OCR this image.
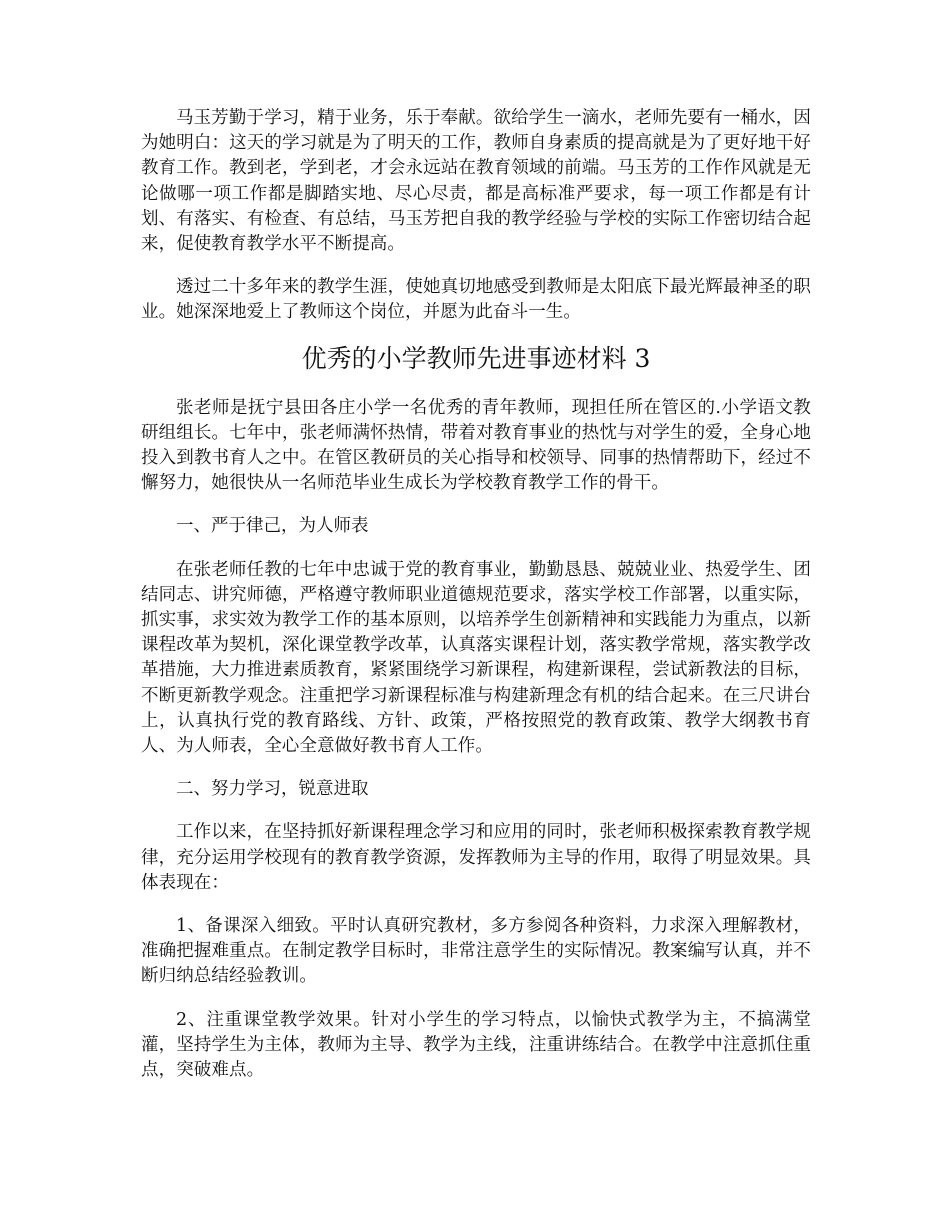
马玉芳勤于学习，精于业务，乐于奉献。欲给学生一滴水，老师先要有一桶水，因为她明白：这天的学习就是为了明天的工作，教师自身素质的提高就是为了更好地干好教育工作。教到老，学到老，才会永远站在教育领域的前端。马玉芳的工作作风就是无论做哪一项工作都是脚踏实地、尽心尽责，都是高标准严要求，每一项工作都是有计划、有落实、有检查、有总结，马玉芳把自我的教学经验与学校的实际工作密切结合起来，促使教育教学水平不断提高。

透过二十多年来的教学生涯，使她真切地感受到教师是太阳底下最光辉最神圣的职业。她深深地爱上了教师这个岗位，并愿为此奋斗一生。

优秀的小学教师先进事迹材料 3

张老师是抚宁县田各庄小学一名优秀的青年教师，现担任所在管区的.小学语文教研组组长。七年中，张老师满怀热情，带着对教育事业的热忱与对学生的爱，全身心地投入到教书育人之中。在管区教研员的关心指导和校领导、同事的热情帮助下，经过不懈努力，她很快从一名师范毕业生成长为学校教育教学工作的骨干。

一、严于律己，为人师表

在张老师任教的七年中忠诚于党的教育事业，勤勤恳恳、兢兢业业、热爱学生、团结同志、讲究师德，严格遵守教师职业道德规范要求，落实学校工作部署，以重实际，抓实事，求实效为教学工作的基本原则，以培养学生创新精神和实践能力为重点，以新课程改革为契机，深化课堂教学改革，认真落实课程计划，落实教学常规，落实教学改革措施，大力推进素质教育，紧紧围绕学习新课程，构建新课程，尝试新教法的目标，不断更新教学观念。注重把学习新课程标准与构建新理念有机的结合起来。在三尺讲台上，认真执行党的教育路线、方针、政策，严格按照党的教育政策、教学大纲教书育人、为人师表，全心全意做好教书育人工作。

二、努力学习，锐意进取

工作以来，在坚持抓好新课程理念学习和应用的同时，张老师积极探索教育教学规律，充分运用学校现有的教育教学资源，发挥教师为主导的作用，取得了明显效果。具体表现在：

1、备课深入细致。平时认真研究教材，多方参阅各种资料，力求深入理解教材，准确把握难重点。在制定教学目标时，非常注意学生的实际情况。教案编写认真，并不断归纳总结经验教训。

2、注重课堂教学效果。针对小学生的学习特点，以愉快式教学为主，不搞满堂灌，坚持学生为主体，教师为主导、教学为主线，注重讲练结合。在教学中注意抓住重点，突破难点。
